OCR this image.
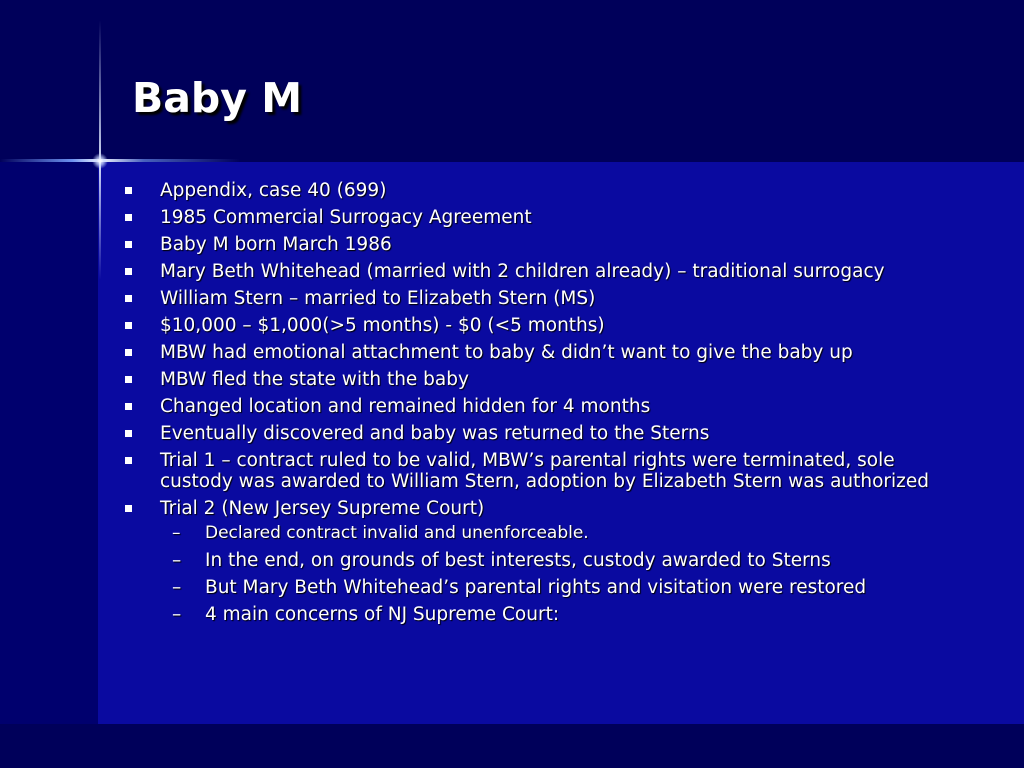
Baby M
Appendix, case 40 (699)
1985 Commercial Surrogacy Agreement
Baby M born March 1986
Mary Beth Whitehead (married with 2 children already) – traditional surrogacy
William Stern – married to Elizabeth Stern (MS)
$10,000 – $1,000(>5 months) - $0 (<5 months)
MBW had emotional attachment to baby & didn’t want to give the baby up
MBW fled the state with the baby
Changed location and remained hidden for 4 months
Eventually discovered and baby was returned to the Sterns
Trial 1 – contract ruled to be valid, MBW’s parental rights were terminated, sole custody was awarded to William Stern, adoption by Elizabeth Stern was authorized
Trial 2 (New Jersey Supreme Court)
– Declared contract invalid and unenforceable.
– In the end, on grounds of best interests, custody awarded to Sterns
– But Mary Beth Whitehead’s parental rights and visitation were restored
– 4 main concerns of NJ Supreme Court:
